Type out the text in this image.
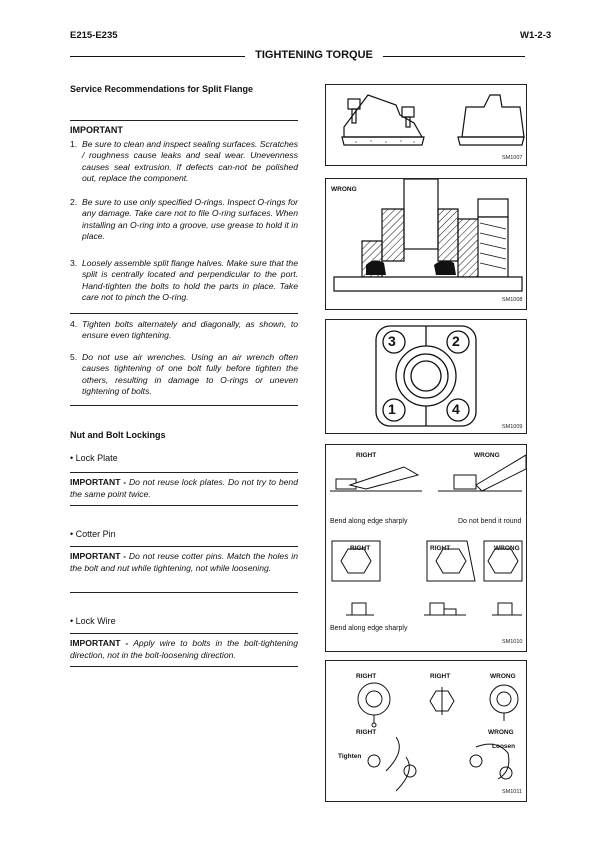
E215-E235	W1-2-3
TIGHTENING TORQUE
Service Recommendations for Split Flange
IMPORTANT
1. Be sure to clean and inspect sealing surfaces. Scratches / roughness cause leaks and seal wear. Unevenness causes seal extrusion. If defects can-not be polished out, replace the component.
2. Be sure to use only specified O-rings. Inspect O-rings for any damage. Take care not to file O-ring surfaces. When installing an O-ring into a groove, use grease to hold it in place.
3. Loosely assemble split flange halves. Make sure that the split is centrally located and perpendicular to the port. Hand-tighten the bolts to hold the parts in place. Take care not to pinch the O-ring.
4. Tighten bolts alternately and diagonally, as shown, to ensure even tightening.
5. Do not use air wrenches. Using an air wrench often causes tightening of one bolt fully before tighten the others, resulting in damage to O-rings or uneven tightening of bolts.
Nut and Bolt Lockings
• Lock Plate
IMPORTANT - Do not reuse lock plates. Do not try to bend the same point twice.
• Cotter Pin
IMPORTANT - Do not reuse cotter pins. Match the holes in the bolt and nut while tightening, not while loosening.
• Lock Wire
IMPORTANT - Apply wire to bolts in the bolt-tightening direction, not in the bolt-loosening direction.
SM1007
WRONG
SM1008
3	2
1	4
SM1009
RIGHT	WRONG
Bend along edge sharply	Do not bend it round
RIGHT	RIGHT	WRONG
Bend along edge sharply
SM1010
RIGHT	RIGHT	WRONG
RIGHT	WRONG
Tighten
Loosen
SM1011
